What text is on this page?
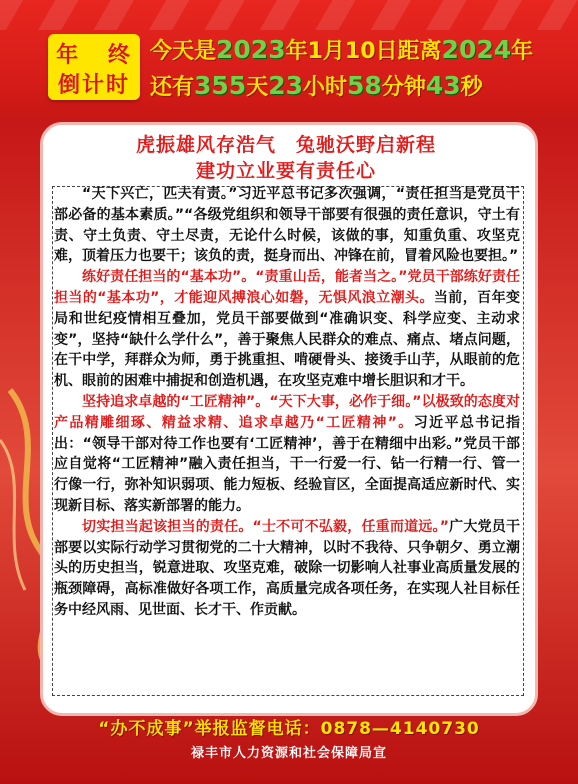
年 终
倒计时
今天是2023年1月10日距离2024年
还有355天23小时58分钟43秒
虎振雄风存浩气　兔驰沃野启新程
建功立业要有责任心

“天下兴亡，匹夫有责。”习近平总书记多次强调，“责任担当是党员干部必备的基本素质。”“各级党组织和领导干部要有很强的责任意识，守土有责、守土负责、守土尽责，无论什么时候，该做的事，知重负重、攻坚克难，顶着压力也要干；该负的责，挺身而出、冲锋在前，冒着风险也要担。”

练好责任担当的“基本功”。“责重山岳，能者当之。”党员干部练好责任担当的“基本功”，才能迎风搏浪心如磐，无惧风浪立潮头。当前，百年变局和世纪疫情相互叠加，党员干部要做到“准确识变、科学应变、主动求变”，坚持“缺什么学什么”，善于聚焦人民群众的难点、痛点、堵点问题，在干中学，拜群众为师，勇于挑重担、啃硬骨头、接烫手山芋，从眼前的危机、眼前的困难中捕捉和创造机遇，在攻坚克难中增长胆识和才干。

坚持追求卓越的“工匠精神”。“天下大事，必作于细。”以极致的态度对产品精雕细琢、精益求精、追求卓越乃“工匠精神”。习近平总书记指出：“领导干部对待工作也要有‘工匠精神’，善于在精细中出彩。”党员干部应自觉将“工匠精神”融入责任担当，干一行爱一行、钻一行精一行、管一行像一行，弥补知识弱项、能力短板、经验盲区，全面提高适应新时代、实现新目标、落实新部署的能力。

切实担当起该担当的责任。“士不可不弘毅，任重而道远。”广大党员干部要以实际行动学习贯彻党的二十大精神，以时不我待、只争朝夕、勇立潮头的历史担当，锐意进取、攻坚克难，破除一切影响人社事业高质量发展的瓶颈障碍，高标准做好各项工作，高质量完成各项任务，在实现人社目标任务中经风雨、见世面、长才干、作贡献。

“办不成事”举报监督电话：0878—4140730
禄丰市人力资源和社会保障局宣
